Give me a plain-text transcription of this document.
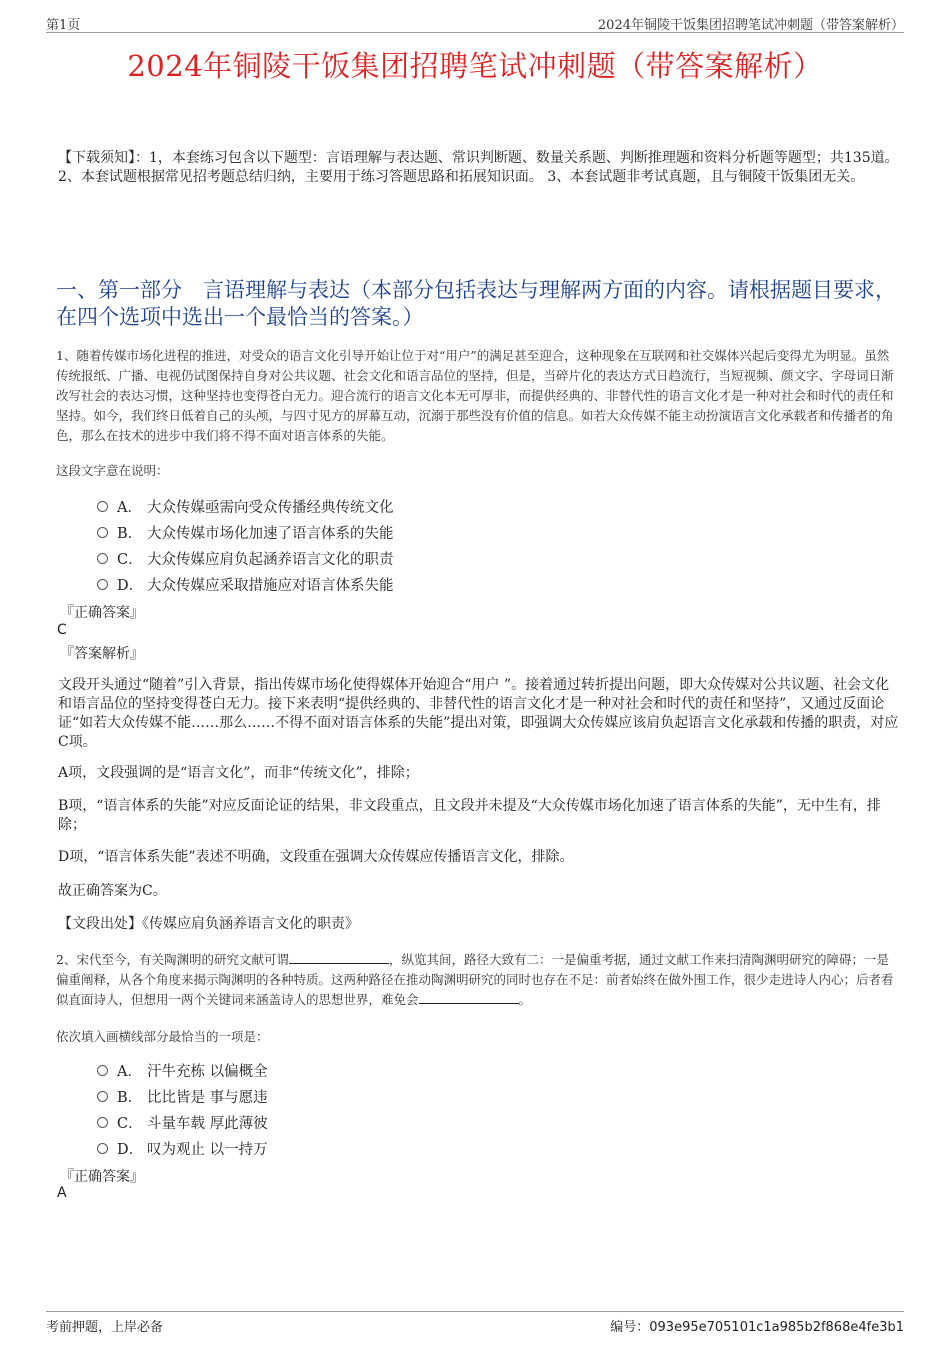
第1页	2024年铜陵干饭集团招聘笔试冲刺题（带答案解析）
2024年铜陵干饭集团招聘笔试冲刺题（带答案解析）
【下载须知】：1，本套练习包含以下题型：言语理解与表达题、常识判断题、数量关系题、判断推理题和资料分析题等题型；共135道。 2、本套试题根据常见招考题总结归纳，主要用于练习答题思路和拓展知识面。 3、本套试题非考试真题，且与铜陵干饭集团无关。
一、第一部分　言语理解与表达（本部分包括表达与理解两方面的内容。请根据题目要求，在四个选项中选出一个最恰当的答案。）
1、随着传媒市场化进程的推进，对受众的语言文化引导开始让位于对“用户”的满足甚至迎合，这种现象在互联网和社交媒体兴起后变得尤为明显。虽然传统报纸、广播、电视仍试图保持自身对公共议题、社会文化和语言品位的坚持，但是，当碎片化的表达方式日趋流行，当短视频、颜文字、字母词日渐改写社会的表达习惯，这种坚持也变得苍白无力。迎合流行的语言文化本无可厚非，而提供经典的、非替代性的语言文化才是一种对社会和时代的责任和坚持。如今，我们终日低着自己的头颅，与四寸见方的屏幕互动，沉溺于那些没有价值的信息。如若大众传媒不能主动扮演语言文化承载者和传播者的角色，那么在技术的进步中我们将不得不面对语言体系的失能。
这段文字意在说明：
A． 大众传媒亟需向受众传播经典传统文化
B． 大众传媒市场化加速了语言体系的失能
C． 大众传媒应肩负起涵养语言文化的职责
D． 大众传媒应采取措施应对语言体系失能
『正确答案』
C
『答案解析』
文段开头通过“随着”引入背景，指出传媒市场化使得媒体开始迎合“用户 ”。接着通过转折提出问题，即大众传媒对公共议题、社会文化和语言品位的坚持变得苍白无力。接下来表明“提供经典的、非替代性的语言文化才是一种对社会和时代的责任和坚持”，又通过反面论证“如若大众传媒不能……那么……不得不面对语言体系的失能”提出对策，即强调大众传媒应该肩负起语言文化承载和传播的职责，对应C项。
A项，文段强调的是“语言文化”，而非“传统文化”，排除；
B项，“语言体系的失能”对应反面论证的结果，非文段重点，且文段并未提及“大众传媒市场化加速了语言体系的失能”，无中生有，排除；
D项，“语言体系失能”表述不明确，文段重在强调大众传媒应传播语言文化，排除。
故正确答案为C。
【文段出处】《传媒应肩负涵养语言文化的职责》
2、宋代至今，有关陶渊明的研究文献可谓	，纵览其间，路径大致有二：一是偏重考据，通过文献工作来扫清陶渊明研究的障碍；一是偏重阐释，从各个角度来揭示陶渊明的各种特质。这两种路径在推动陶渊明研究的同时也存在不足：前者始终在做外围工作，很少走进诗人内心；后者看似直面诗人，但想用一两个关键词来涵盖诗人的思想世界，难免会	。
依次填入画横线部分最恰当的一项是：
A． 汗牛充栋 以偏概全
B． 比比皆是 事与愿违
C． 斗量车载 厚此薄彼
D． 叹为观止 以一持万
『正确答案』
A
考前押题，上岸必备	编号：093e95e705101c1a985b2f868e4fe3b1
